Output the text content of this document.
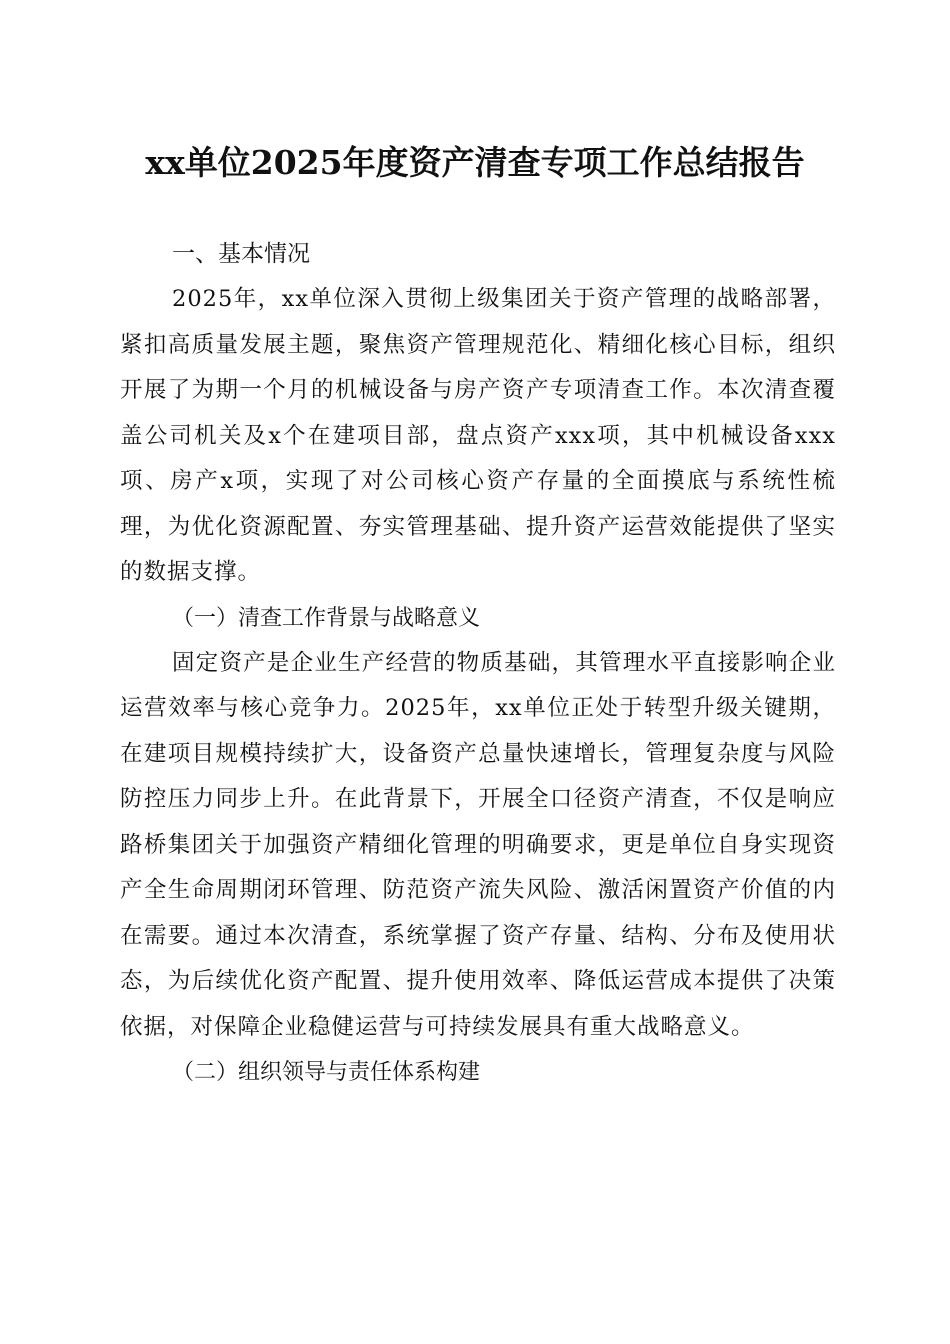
xx单位2025年度资产清查专项工作总结报告
一、基本情况

2025年，xx单位深入贯彻上级集团关于资产管理的战略部署，紧扣高质量发展主题，聚焦资产管理规范化、精细化核心目标，组织开展了为期一个月的机械设备与房产资产专项清查工作。本次清查覆盖公司机关及x个在建项目部，盘点资产xxx项，其中机械设备xxx项、房产x项，实现了对公司核心资产存量的全面摸底与系统性梳理，为优化资源配置、夯实管理基础、提升资产运营效能提供了坚实的数据支撑。

（一）清查工作背景与战略意义

固定资产是企业生产经营的物质基础，其管理水平直接影响企业运营效率与核心竞争力。2025年，xx单位正处于转型升级关键期，在建项目规模持续扩大，设备资产总量快速增长，管理复杂度与风险防控压力同步上升。在此背景下，开展全口径资产清查，不仅是响应路桥集团关于加强资产精细化管理的明确要求，更是单位自身实现资产全生命周期闭环管理、防范资产流失风险、激活闲置资产价值的内在需要。通过本次清查，系统掌握了资产存量、结构、分布及使用状态，为后续优化资产配置、提升使用效率、降低运营成本提供了决策依据，对保障企业稳健运营与可持续发展具有重大战略意义。

（二）组织领导与责任体系构建
